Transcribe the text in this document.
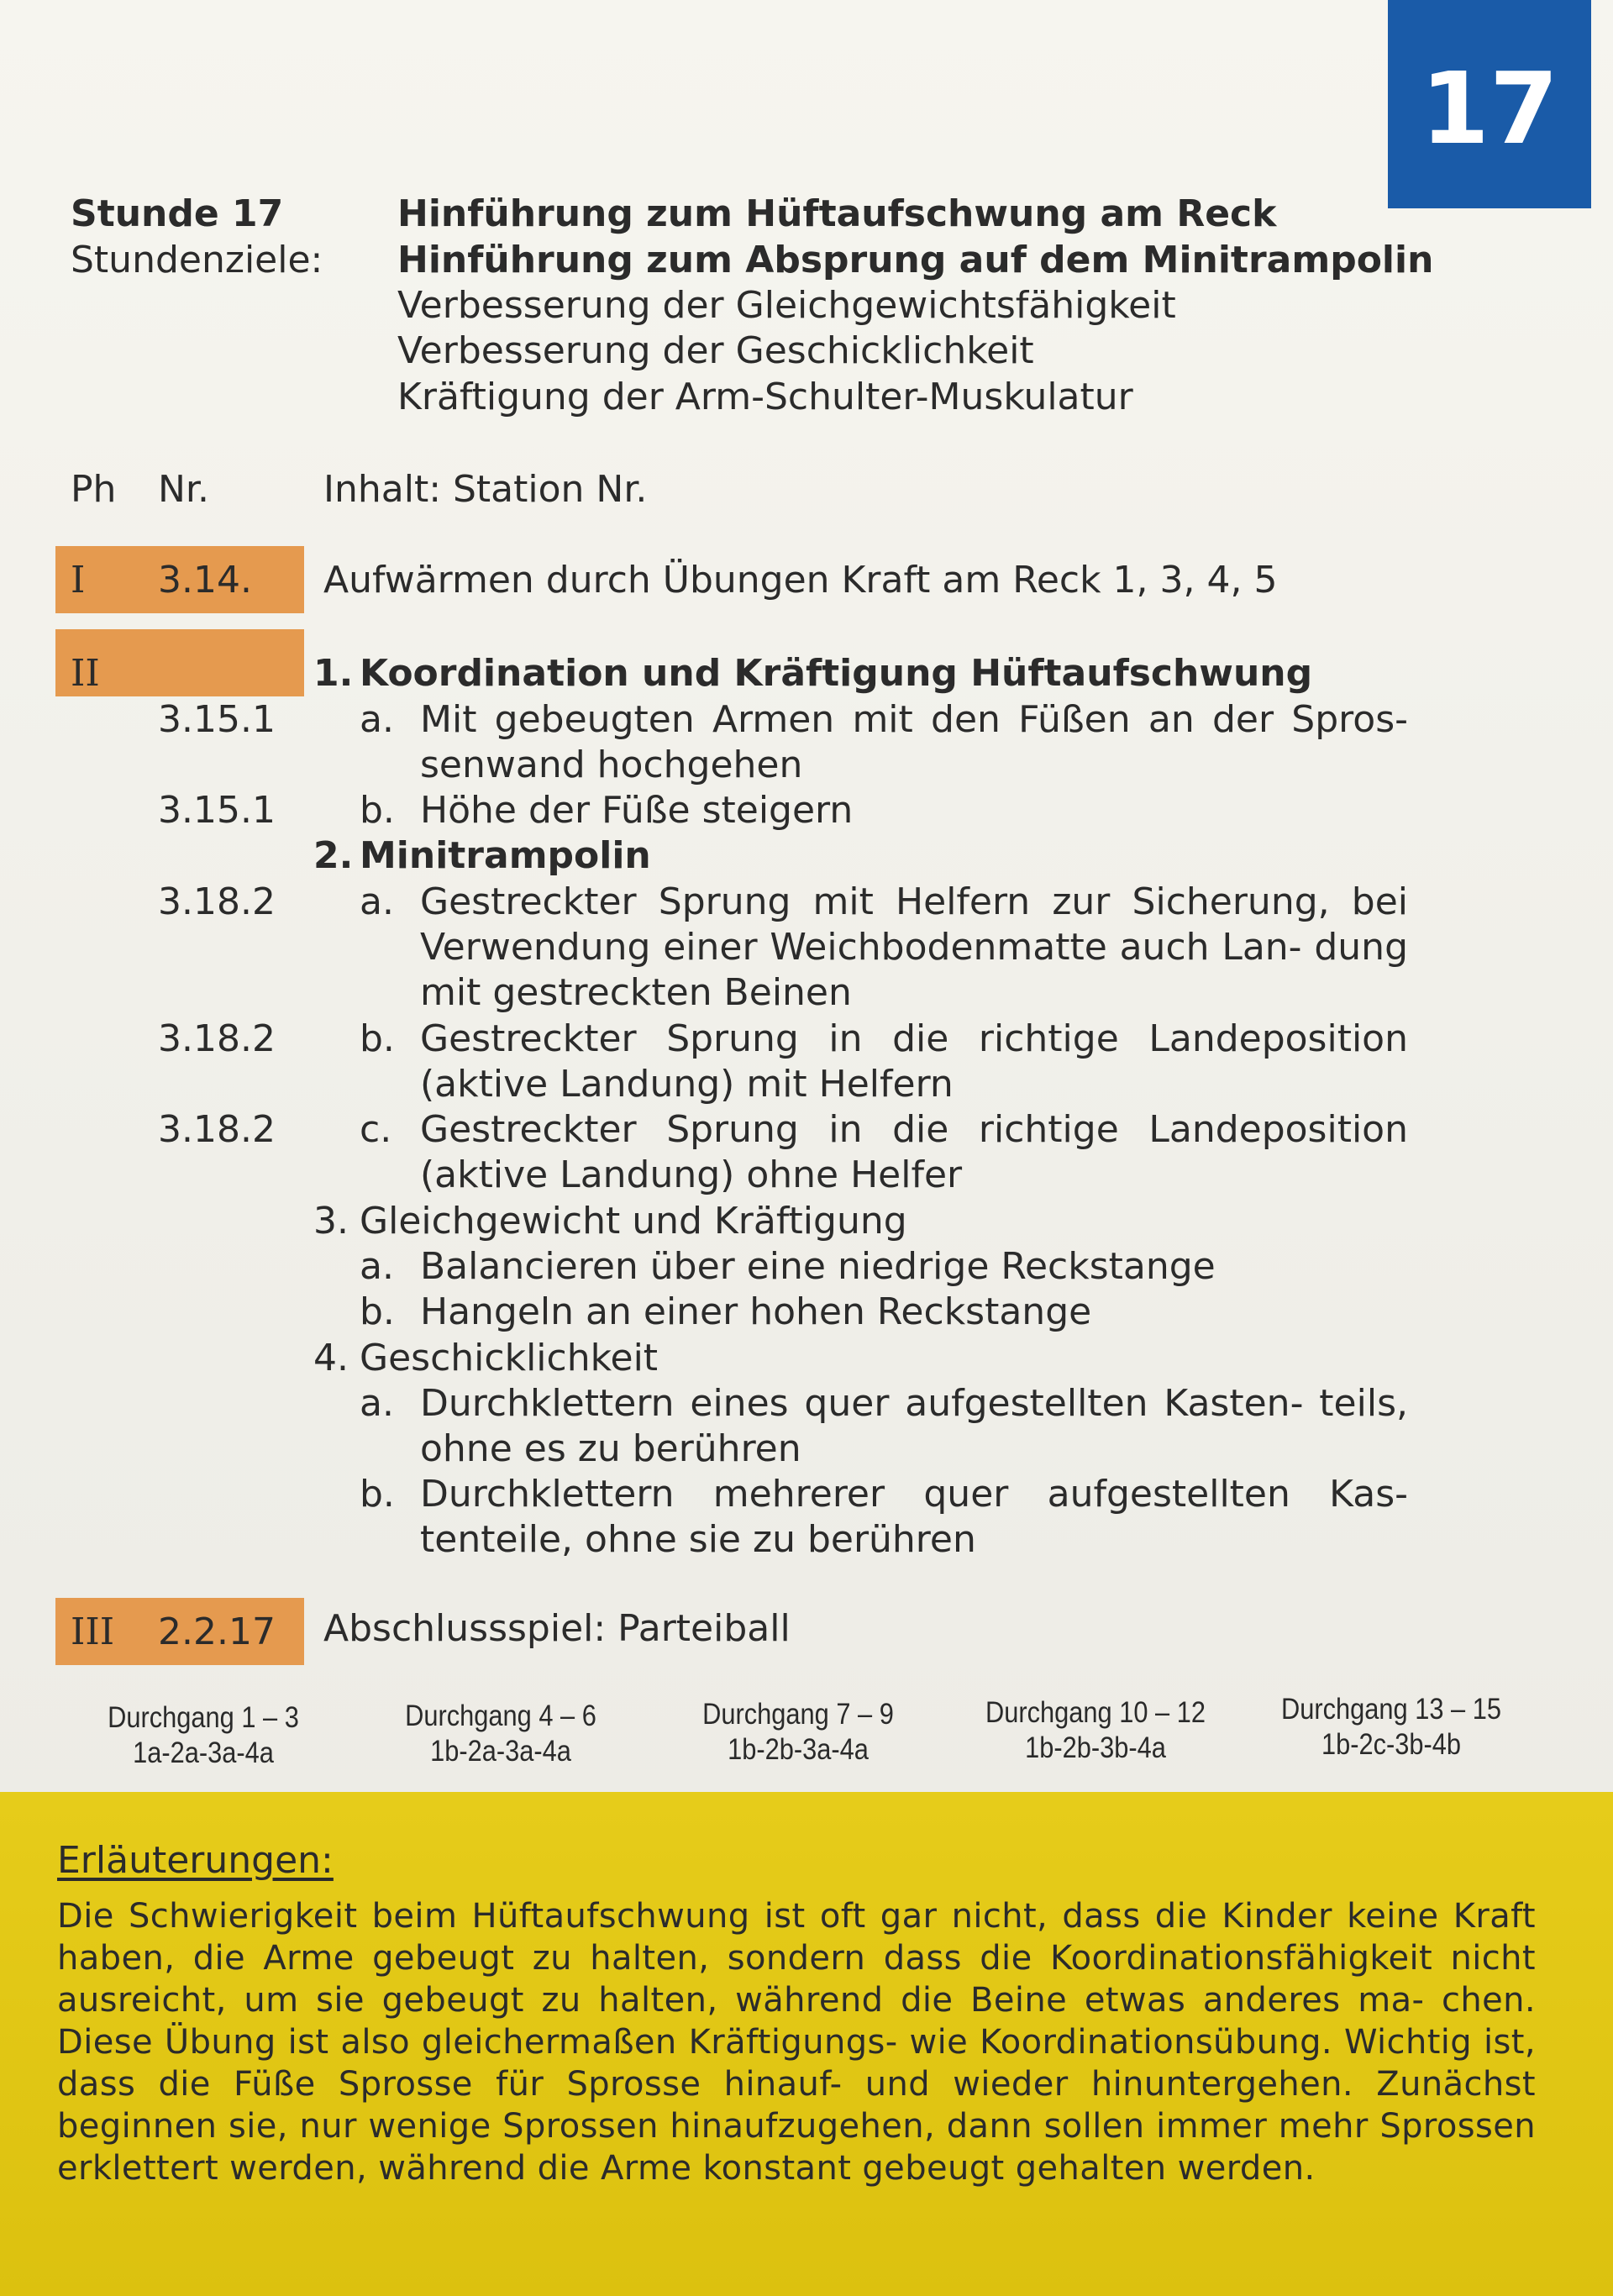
17
Stunde 17
Stundenziele:
Hinführung zum Hüftaufschwung am Reck
Hinführung zum Absprung auf dem Minitrampolin
Verbesserung der Gleichgewichtsfähigkeit
Verbesserung der Geschicklichkeit
Kräftigung der Arm-Schulter-Muskulatur
Ph Nr.	Inhalt: Station Nr.
I 3.14. Aufwärmen durch Übungen Kraft am Reck 1, 3, 4, 5
II	1. Koordination und Kräftigung Hüftaufschwung
3.15.1 a. Mit gebeugten Armen mit den Füßen an der Spros- senwand hochgehen
3.15.1 b. Höhe der Füße steigern
2. Minitrampolin
3.18.2 a. Gestreckter Sprung mit Helfern zur Sicherung, bei Verwendung einer Weichbodenmatte auch Lan- dung mit gestreckten Beinen
3.18.2 b. Gestreckter Sprung in die richtige Landeposition (aktive Landung) mit Helfern
3.18.2 c. Gestreckter Sprung in die richtige Landeposition (aktive Landung) ohne Helfer
3. Gleichgewicht und Kräftigung
a. Balancieren über eine niedrige Reckstange
b. Hangeln an einer hohen Reckstange
4. Geschicklichkeit
a. Durchklettern eines quer aufgestellten Kasten- teils, ohne es zu berühren
b. Durchklettern mehrerer quer aufgestellten Kas- tenteile, ohne sie zu berühren
III 2.2.17 Abschlussspiel: Parteiball
Durchgang 1 – 3
1a-2a-3a-4a
Durchgang 4 – 6
1b-2a-3a-4a
Durchgang 7 – 9
1b-2b-3a-4a
Durchgang 10 – 12
1b-2b-3b-4a
Durchgang 13 – 15
1b-2c-3b-4b
Erläuterungen:
Die Schwierigkeit beim Hüftaufschwung ist oft gar nicht, dass die Kinder keine Kraft haben, die Arme gebeugt zu halten, sondern dass die Koordinationsfähigkeit nicht ausreicht, um sie gebeugt zu halten, während die Beine etwas anderes ma- chen. Diese Übung ist also gleichermaßen Kräftigungs- wie Koordinationsübung. Wichtig ist, dass die Füße Sprosse für Sprosse hinauf- und wieder hinuntergehen. Zunächst beginnen sie, nur wenige Sprossen hinaufzugehen, dann sollen immer mehr Sprossen erklettert werden, während die Arme konstant gebeugt gehalten werden.
